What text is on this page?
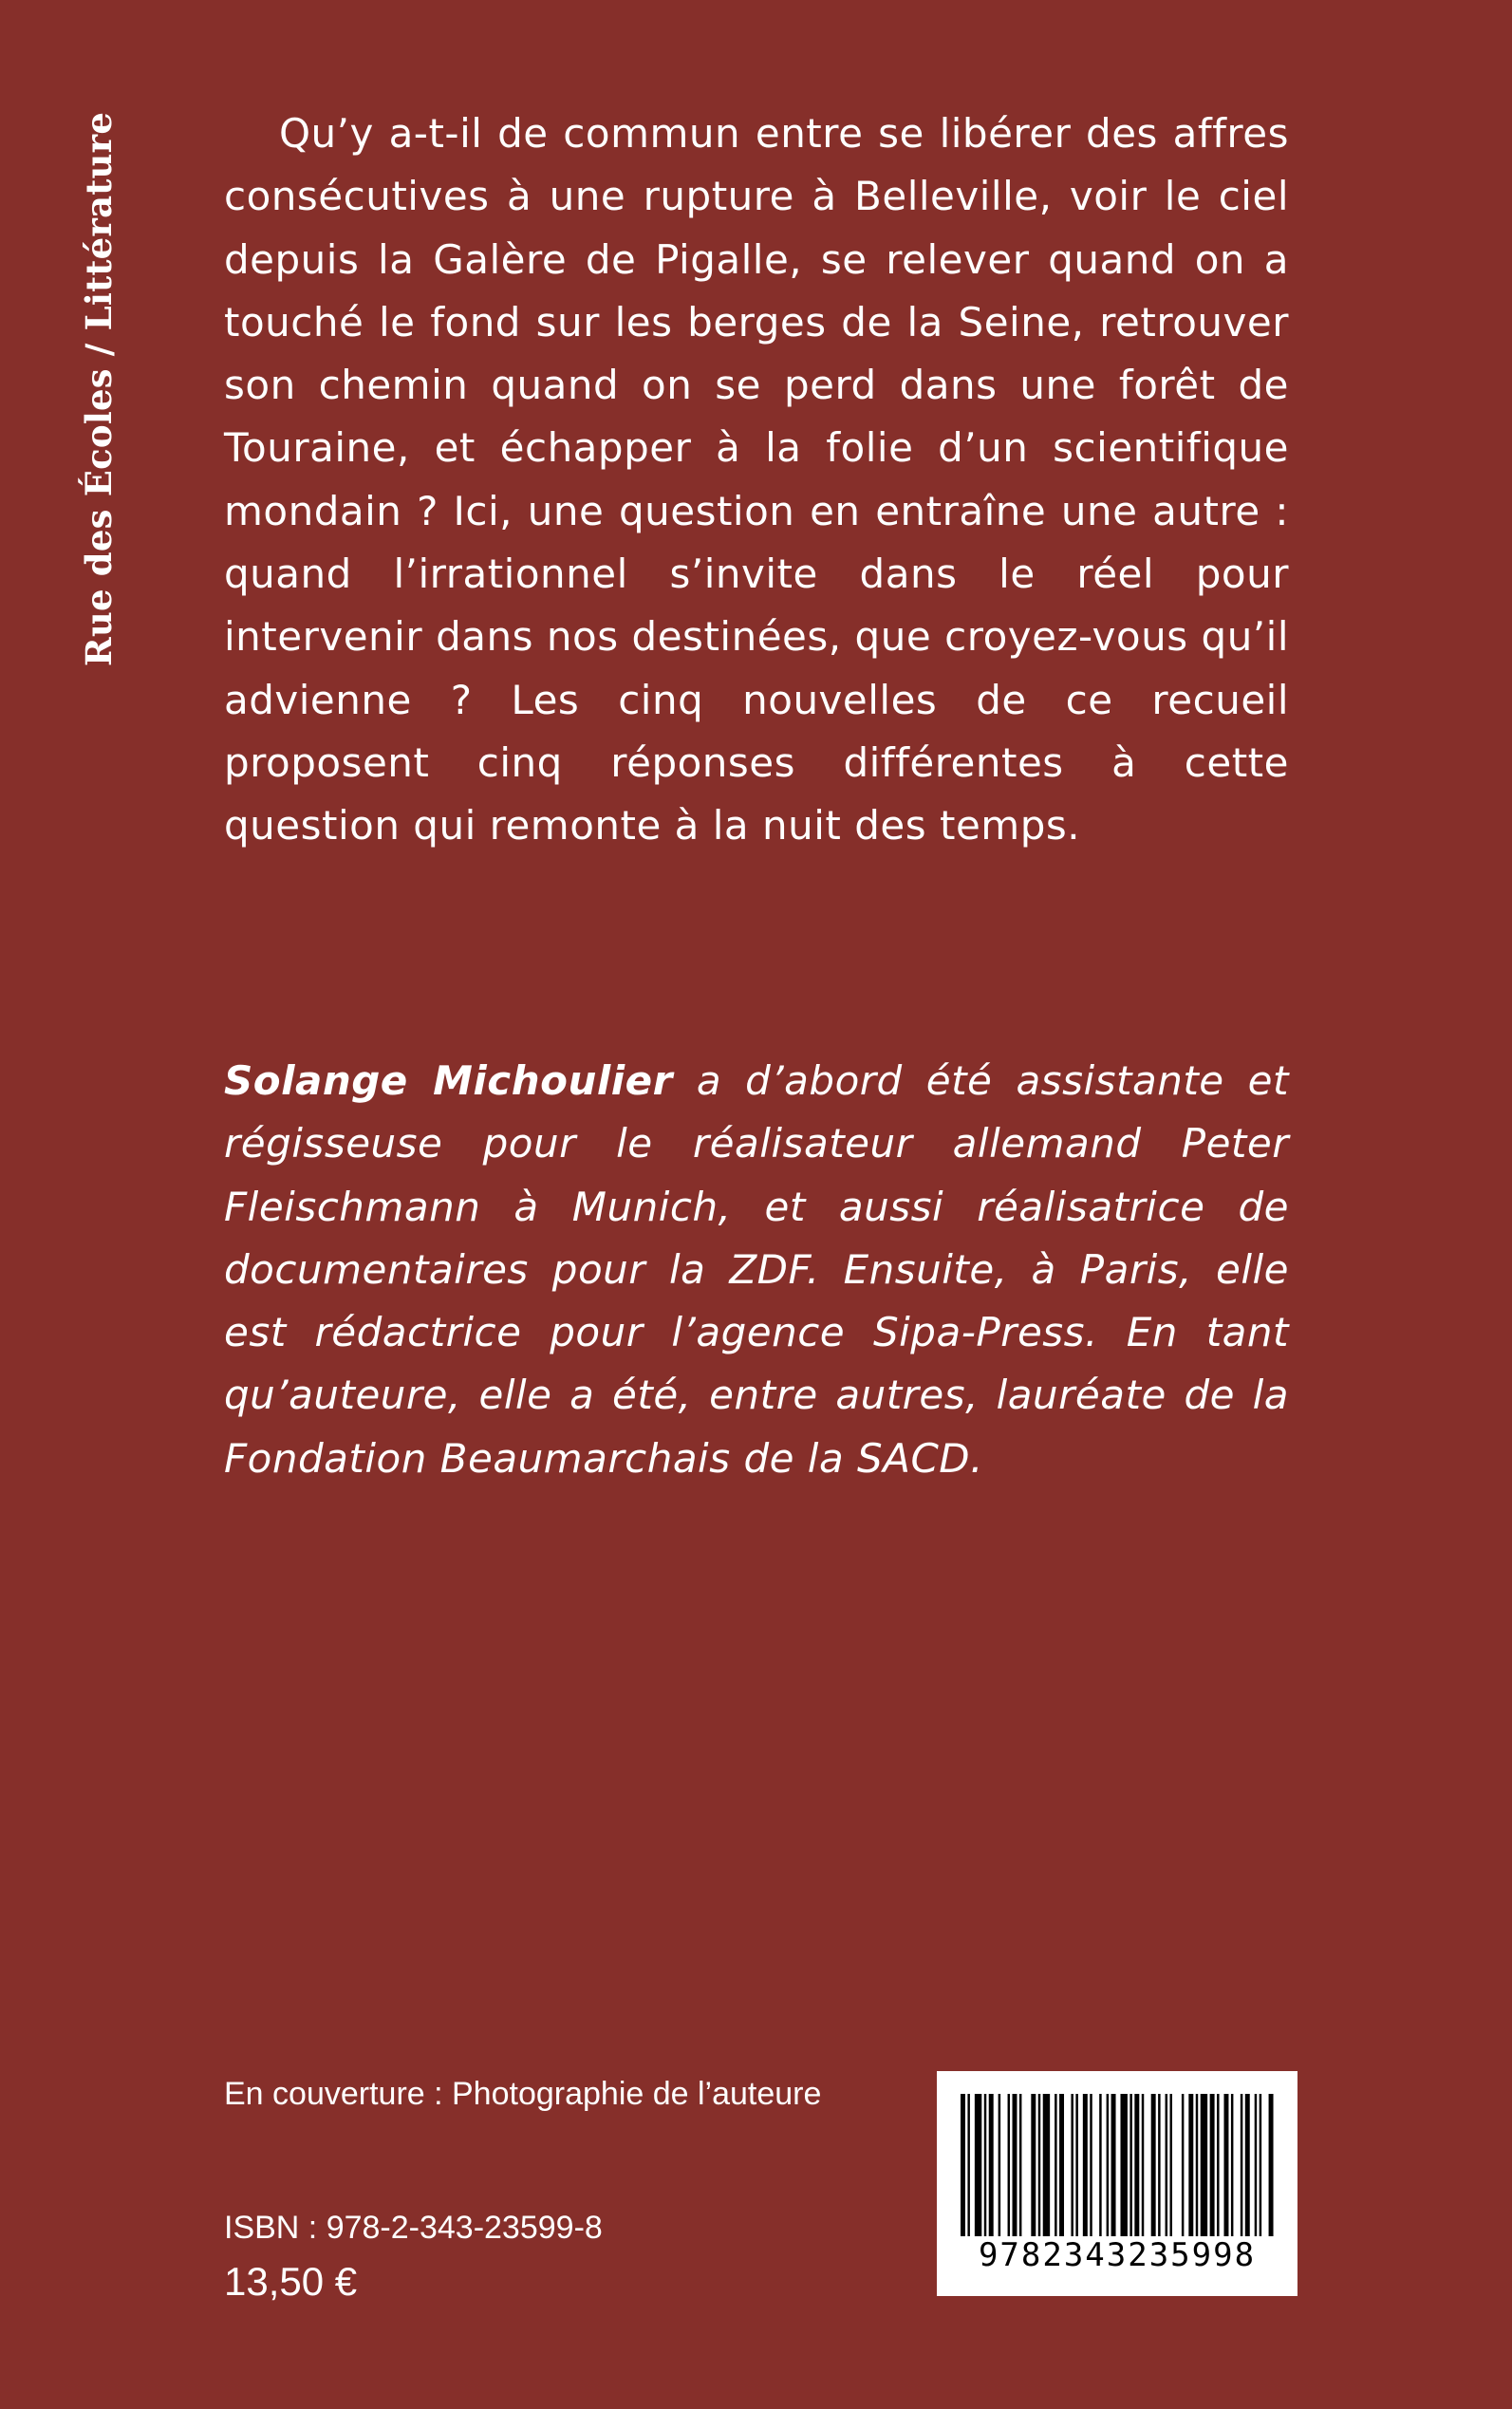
Rue des Écoles / Littérature	Qu’y a-t-il de commun entre se libérer des affres consécutives à une rupture à Belleville, voir le ciel depuis la Galère de Pigalle, se relever quand on a touché le fond sur les berges de la Seine, retrouver son chemin quand on se perd dans une forêt de Touraine, et échapper à la folie d’un scientifique mondain ? Ici, une question en entraîne une autre : quand l’irrationnel s’invite dans le réel pour intervenir dans nos destinées, que croyez-vous qu’il advienne ? Les cinq nouvelles de ce recueil proposent cinq réponses différentes à cette question qui remonte à la nuit des temps.

Solange Michoulier a d’abord été assistante et régisseuse pour le réalisateur allemand Peter Fleischmann à Munich, et aussi réalisatrice de documentaires pour la ZDF. Ensuite, à Paris, elle est rédactrice pour l’agence Sipa-Press. En tant qu’auteure, elle a été, entre autres, lauréate de la Fondation Beaumarchais de la SACD.

En couverture : Photographie de l’auteure
ISBN : 978-2-343-23599-8
13,50 €
9782343235998
